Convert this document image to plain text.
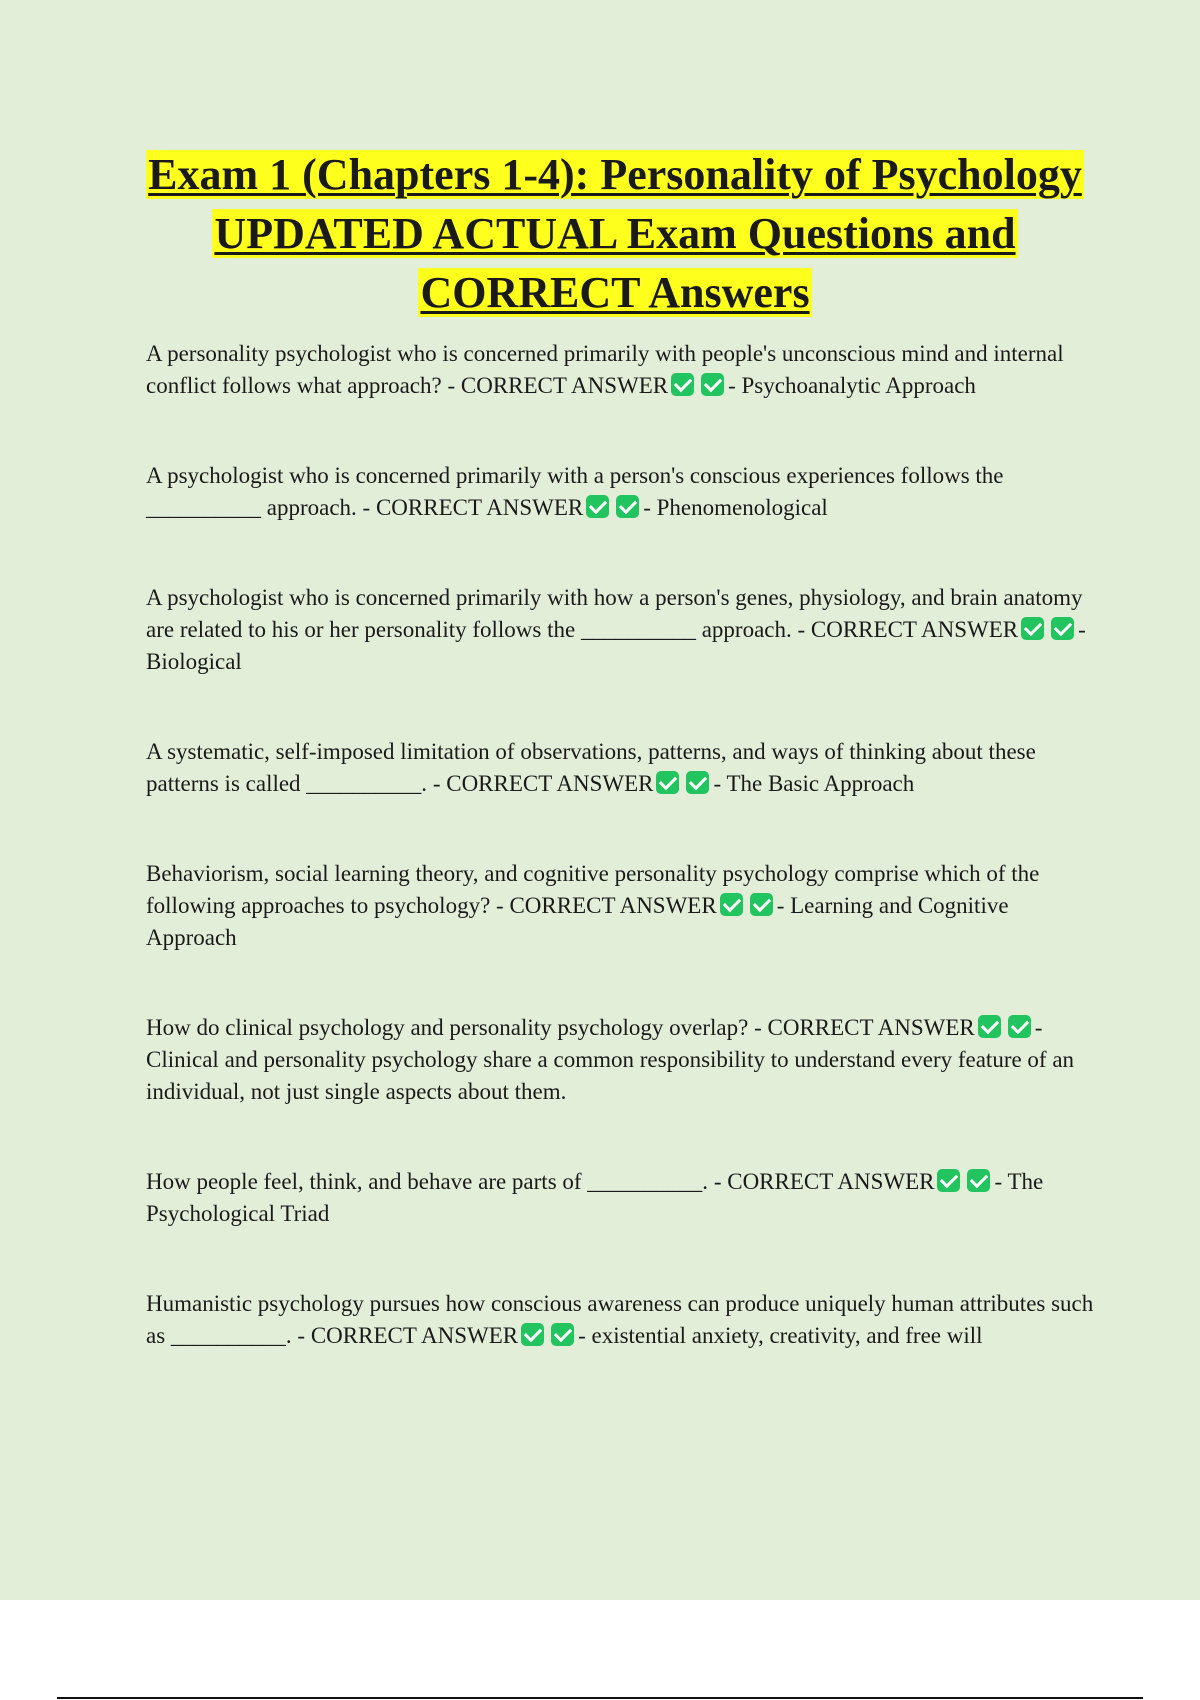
Exam 1 (Chapters 1-4): Personality of Psychology UPDATED ACTUAL Exam Questions and CORRECT Answers

A personality psychologist who is concerned primarily with people's unconscious mind and internal conflict follows what approach? - CORRECT ANSWER	- Psychoanalytic Approach

A psychologist who is concerned primarily with a person's conscious experiences follows the __________ approach. - CORRECT ANSWER	- Phenomenological

A psychologist who is concerned primarily with how a person's genes, physiology, and brain anatomy are related to his or her personality follows the __________ approach. - CORRECT ANSWER	- Biological

A systematic, self-imposed limitation of observations, patterns, and ways of thinking about these patterns is called __________. - CORRECT ANSWER	- The Basic Approach

Behaviorism, social learning theory, and cognitive personality psychology comprise which of the following approaches to psychology? - CORRECT ANSWER	- Learning and Cognitive Approach

How do clinical psychology and personality psychology overlap? - CORRECT ANSWER	- Clinical and personality psychology share a common responsibility to understand every feature of an individual, not just single aspects about them.

How people feel, think, and behave are parts of __________. - CORRECT ANSWER	- The Psychological Triad

Humanistic psychology pursues how conscious awareness can produce uniquely human attributes such as __________. - CORRECT ANSWER	- existential anxiety, creativity, and free will
